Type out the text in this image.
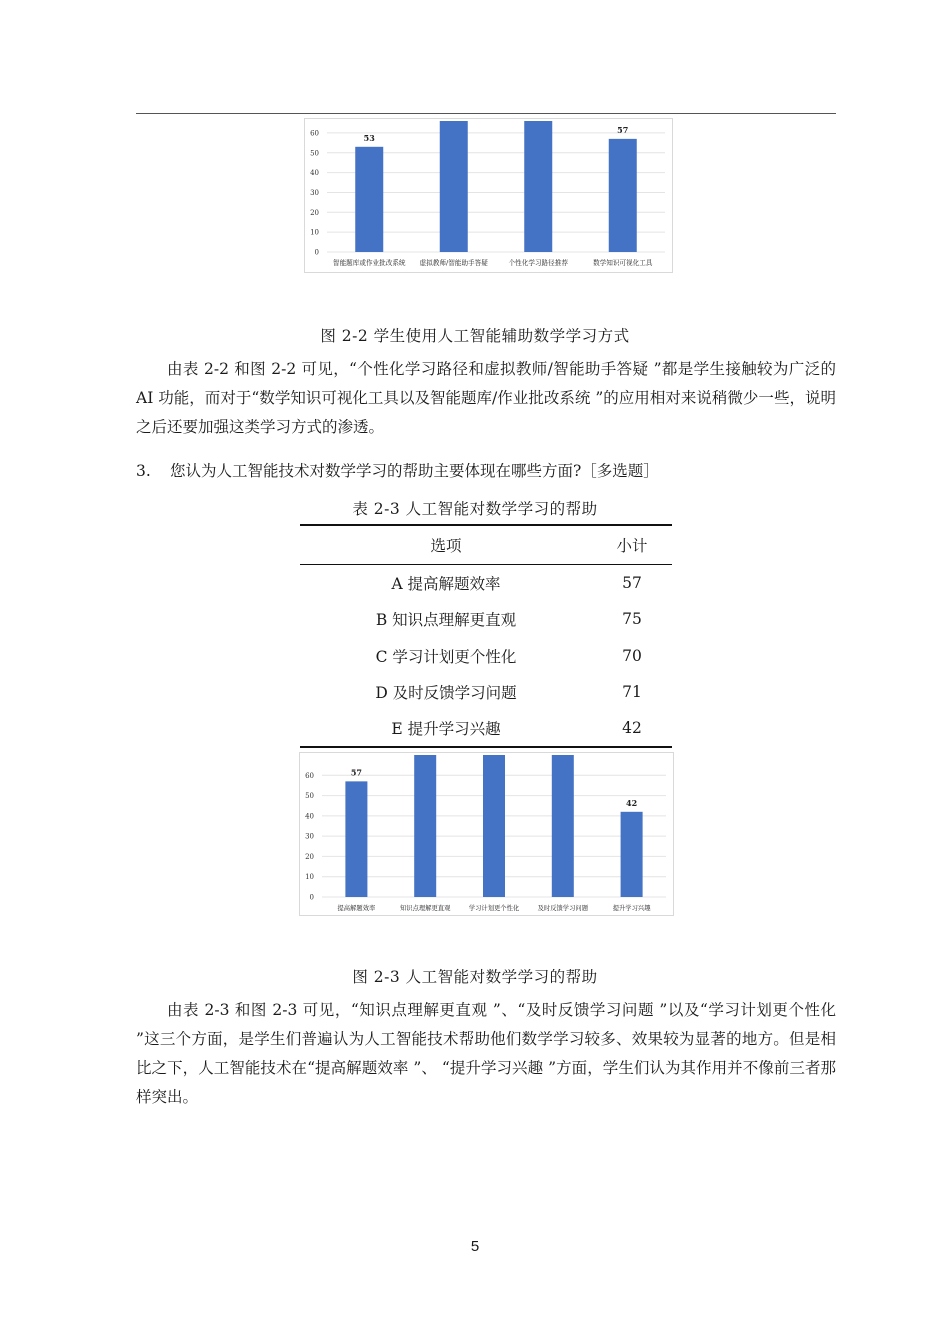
0
10
20
30
40
50
60	53
智能题库或作业批改系统 虚拟教师/智能助手答疑	个性化学习路径推荐
57
数学知识可视化工具
图 2-2 学生使用人工智能辅助数学学习方式

由表 2-2 和图 2-2 可见，“个性化学习路径和虚拟教师/智能助手答疑 ”都是学生接触较为广泛的 AI 功能，而对于“数学知识可视化工具以及智能题库/作业批改系统 ”的应用相对来说稍微少一些，说明之后还要加强这类学习方式的渗透。

3. 您认为人工智能技术对数学学习的帮助主要体现在哪些方面?［多选题］
表 2-3 人工智能对数学学习的帮助
选项	小计
A 提高解题效率	57
B 知识点理解更直观	75
C 学习计划更个性化	70
D 及时反馈学习问题	71
E 提升学习兴趣	42
0
10
20
30
40
50
60	57
提高解题效率	知识点理解更直观	学习计划更个性化	及时反馈学习问题
42
提升学习兴趣
图 2-3 人工智能对数学学习的帮助

由表 2-3 和图 2-3 可见，“知识点理解更直观 ”、“及时反馈学习问题 ”以及“学习计划更个性化 ”这三个方面，是学生们普遍认为人工智能技术帮助他们数学学习较多、效果较为显著的地方。但是相比之下，人工智能技术在“提高解题效率 ”、 “提升学习兴趣 ”方面，学生们认为其作用并不像前三者那样突出。

5
